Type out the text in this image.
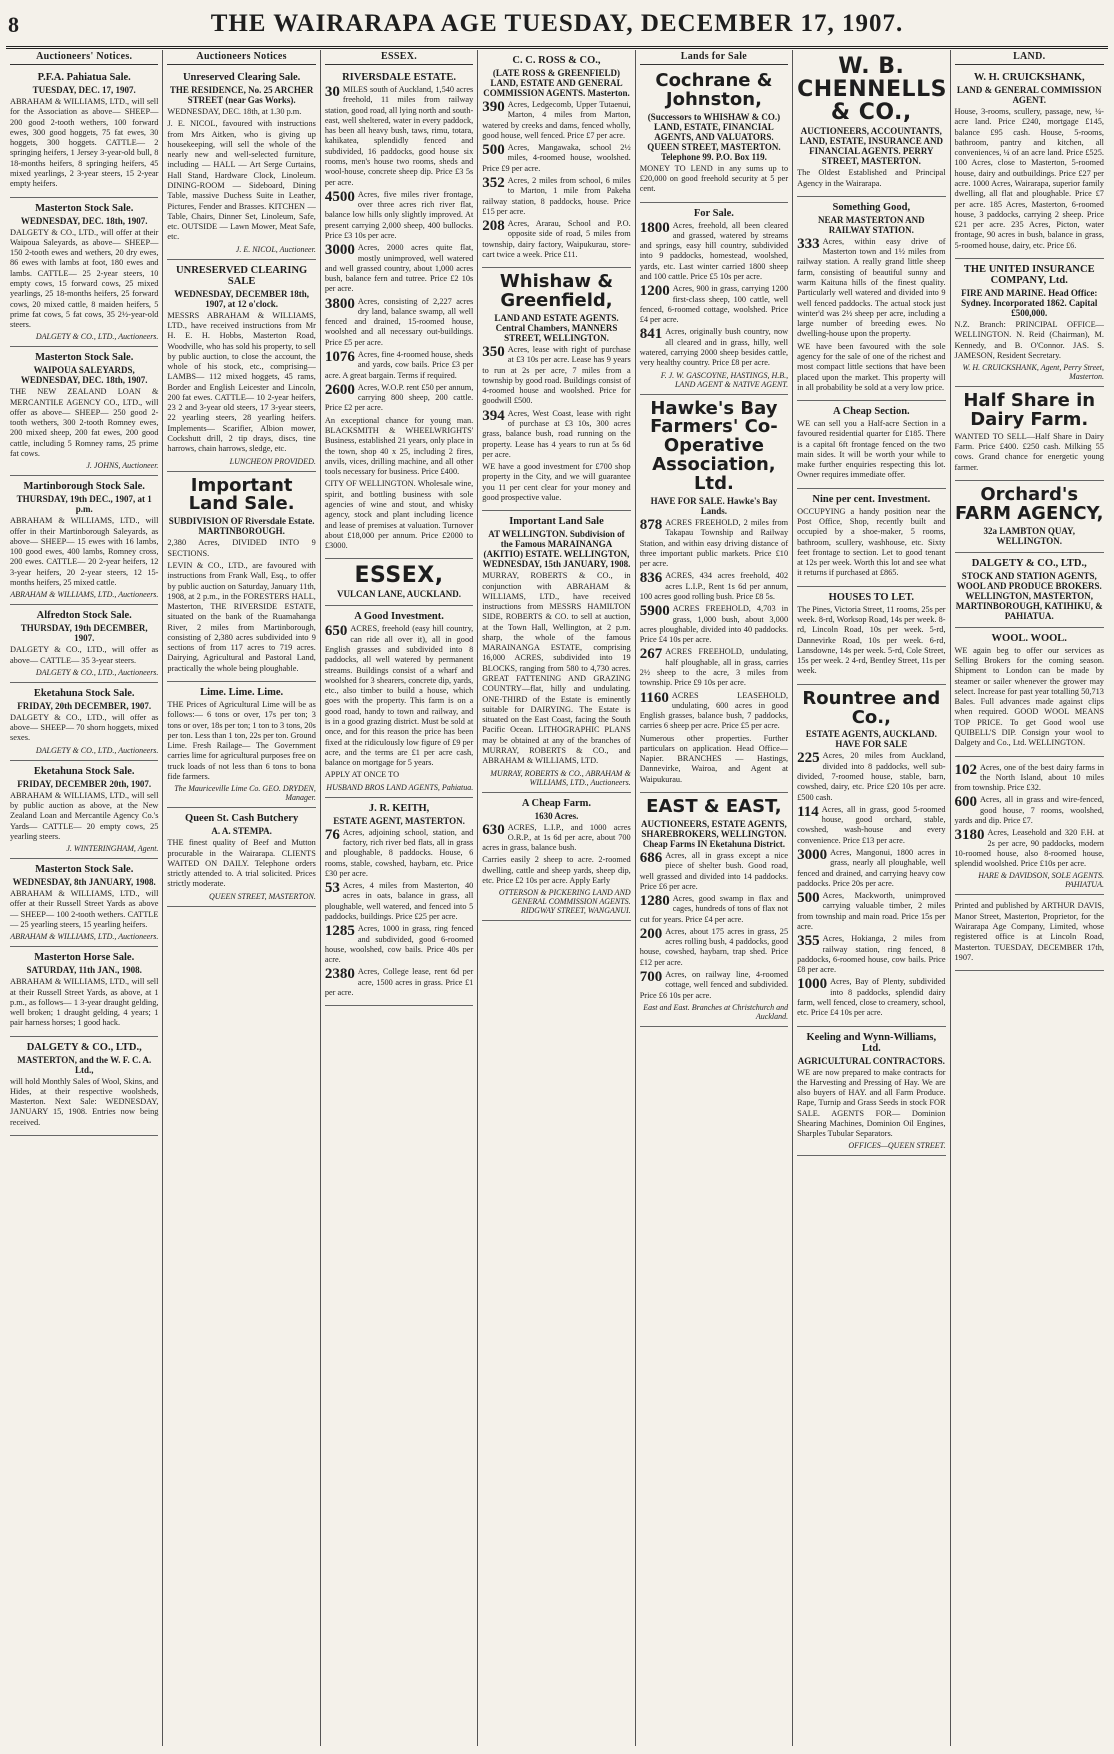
8	THE WAIRARAPA AGE TUESDAY, DECEMBER 17, 1907.
Auctioneers' Notices.
P.F.A. Pahiatua Sale.
TUESDAY, DEC. 17, 1907.
ABRAHAM & WILLIAMS, LTD., will sell for the Association as above— SHEEP— 200 good 2-tooth wethers, 100 forward ewes, 300 good hoggets, 75 fat ewes, 30 hoggets, 300 hoggets. CATTLE— 2 springing heifers, 1 Jersey 3-year-old bull, 8 18-months heifers, 8 springing heifers, 45 mixed yearlings, 2 3-year steers, 15 2-year empty heifers.
Masterton Stock Sale.
WEDNESDAY, DEC. 18th, 1907.
DALGETY & CO., LTD., will offer at their Waipoua Saleyards, as above— SHEEP— 150 2-tooth ewes and wethers, 20 dry ewes, 86 ewes with lambs at foot, 180 ewes and lambs. CATTLE— 25 2-year steers, 10 empty cows, 15 forward cows, 25 mixed yearlings, 25 18-months heifers, 25 forward cows, 20 mixed cattle, 8 maiden heifers, 5 prime fat cows, 5 fat cows, 35 2½-year-old steers.
DALGETY & CO., LTD., Auctioneers.
Masterton Stock Sale.
WAIPOUA SALEYARDS, WEDNESDAY, DEC. 18th, 1907.
THE NEW ZEALAND LOAN & MERCANTILE AGENCY CO., LTD., will offer as above— SHEEP— 250 good 2-tooth wethers, 300 2-tooth Romney ewes, 200 mixed sheep, 200 fat ewes, 200 good cattle, including 5 Romney rams, 25 prime fat cows.
J. JOHNS, Auctioneer.
Martinborough Stock Sale.
THURSDAY, 19th DEC., 1907, at 1 p.m.
ABRAHAM & WILLIAMS, LTD., will offer in their Martinborough Saleyards, as above— SHEEP— 15 ewes with 16 lambs, 100 good ewes, 400 lambs, Romney cross, 200 ewes. CATTLE— 20 2-year heifers, 12 3-year heifers, 20 2-year steers, 12 15-months heifers, 25 mixed cattle.
ABRAHAM & WILLIAMS, LTD., Auctioneers.
Alfredton Stock Sale.
THURSDAY, 19th DECEMBER, 1907.
DALGETY & CO., LTD., will offer as above— CATTLE— 35 3-year steers.
DALGETY & CO., LTD., Auctioneers.
Eketahuna Stock Sale.
FRIDAY, 20th DECEMBER, 1907.
DALGETY & CO., LTD., will offer as above— SHEEP— 70 shorn hoggets, mixed sexes.
DALGETY & CO., LTD., Auctioneers.
Eketahuna Stock Sale.
FRIDAY, DECEMBER 20th, 1907.
ABRAHAM & WILLIAMS, LTD., will sell by public auction as above, at the New Zealand Loan and Mercantile Agency Co.'s Yards— CATTLE— 20 empty cows, 25 yearling steers.
J. WINTERINGHAM, Agent.
Masterton Stock Sale.
WEDNESDAY, 8th JANUARY, 1908.
ABRAHAM & WILLIAMS, LTD., will offer at their Russell Street Yards as above— SHEEP— 100 2-tooth wethers. CATTLE— 25 yearling steers, 15 yearling heifers.
ABRAHAM & WILLIAMS, LTD., Auctioneers.
Masterton Horse Sale.
SATURDAY, 11th JAN., 1908.
ABRAHAM & WILLIAMS, LTD., will sell at their Russell Street Yards, as above, at 1 p.m., as follows— 1 3-year draught gelding, well broken; 1 draught gelding, 4 years; 1 pair harness horses; 1 good hack.
DALGETY & CO., LTD.,
MASTERTON, and the W. F. C. A. Ltd.,
will hold Monthly Sales of Wool, Skins, and Hides, at their respective woolsheds, Masterton. Next Sale: WEDNESDAY, JANUARY 15, 1908. Entries now being received.
Auctioneers Notices
Unreserved Clearing Sale.
THE RESIDENCE, No. 25 ARCHER STREET (near Gas Works).
WEDNESDAY, DEC. 18th, at 1.30 p.m.
J. E. NICOL, favoured with instructions from Mrs Aitken, who is giving up housekeeping, will sell the whole of the nearly new and well-selected furniture, including — HALL — Art Serge Curtains, Hall Stand, Hardware Clock, Linoleum. DINING-ROOM — Sideboard, Dining Table, massive Duchess Suite in Leather, Pictures, Fender and Brasses. KITCHEN — Table, Chairs, Dinner Set, Linoleum, Safe, etc. OUTSIDE — Lawn Mower, Meat Safe, etc.
J. E. NICOL, Auctioneer.
UNRESERVED CLEARING SALE
WEDNESDAY, DECEMBER 18th, 1907, at 12 o'clock.
MESSRS ABRAHAM & WILLIAMS, LTD., have received instructions from Mr H. E. H. Hobbs, Masterton Road, Woodville, who has sold his property, to sell by public auction, to close the account, the whole of his stock, etc., comprising— LAMBS— 112 mixed hoggets, 45 rams, Border and English Leicester and Lincoln, 200 fat ewes. CATTLE— 10 2-year heifers, 23 2 and 3-year old steers, 17 3-year steers, 22 yearling steers, 28 yearling heifers. Implements— Scarifier, Albion mower, Cockshutt drill, 2 tip drays, discs, tine harrows, chain harrows, sledge, etc.
LUNCHEON PROVIDED.
Important Land Sale.
SUBDIVISION OF Riversdale Estate. MARTINBOROUGH.
2,380 Acres, DIVIDED INTO 9 SECTIONS.
LEVIN & CO., LTD., are favoured with instructions from Frank Wall, Esq., to offer by public auction on Saturday, January 11th, 1908, at 2 p.m., in the FORESTERS HALL, Masterton, THE RIVERSIDE ESTATE, situated on the bank of the Ruamahanga River, 2 miles from Martinborough, consisting of 2,380 acres subdivided into 9 sections of from 117 acres to 719 acres. Dairying, Agricultural and Pastoral Land, practically the whole being ploughable.
Lime. Lime. Lime.
THE Prices of Agricultural Lime will be as follows:— 6 tons or over, 17s per ton; 3 tons or over, 18s per ton; 1 ton to 3 tons, 20s per ton. Less than 1 ton, 22s per ton. Ground Lime. Fresh Railage— The Government carries lime for agricultural purposes free on truck loads of not less than 6 tons to bona fide farmers.
The Mauriceville Lime Co. GEO. DRYDEN, Manager.
Queen St. Cash Butchery
A. A. STEMPA.
THE finest quality of Beef and Mutton procurable in the Wairarapa. CLIENTS WAITED ON DAILY. Telephone orders strictly attended to. A trial solicited. Prices strictly moderate.
QUEEN STREET, MASTERTON.
ESSEX.
RIVERSDALE ESTATE.
30 MILES south of Auckland, 1,540 acres freehold, 11 miles from railway station, good road, all lying north and south-east, well sheltered, water in every paddock, has been all heavy bush, taws, rimu, totara, kahikatea, splendidly fenced and subdivided, 16 paddocks, good house six rooms, men's house two rooms, sheds and wool-house, concrete sheep dip. Price £3 5s per acre.
4500 Acres, five miles river frontage, over three acres rich river flat, balance low hills only slightly improved. At present carrying 2,000 sheep, 400 bullocks. Price £3 10s per acre.
3000 Acres, 2000 acres quite flat, mostly unimproved, well watered and well grassed country, about 1,000 acres bush, balance fern and tutree. Price £2 10s per acre.
3800 Acres, consisting of 2,227 acres dry land, balance swamp, all well fenced and drained, 15-roomed house, woolshed and all necessary out-buildings. Price £5 per acre.
1076 Acres, fine 4-roomed house, sheds and yards, cow bails. Price £3 per acre. A great bargain. Terms if required.
2600 Acres, W.O.P. rent £50 per annum, carrying 800 sheep, 200 cattle. Price £2 per acre.
An exceptional chance for young man. BLACKSMITH & WHEELWRIGHTS' Business, established 21 years, only place in the town, shop 40 x 25, including 2 fires, anvils, vices, drilling machine, and all other tools necessary for business. Price £400.
CITY OF WELLINGTON. Wholesale wine, spirit, and bottling business with sole agencies of wine and stout, and whisky agency, stock and plant including licence and lease of premises at valuation. Turnover about £18,000 per annum. Price £2000 to £3000.
ESSEX,
VULCAN LANE, AUCKLAND.
A Good Investment.
650 ACRES, freehold (easy hill country, can ride all over it), all in good English grasses and subdivided into 8 paddocks, all well watered by permanent streams. Buildings consist of a wharf and woolshed for 3 shearers, concrete dip, yards, etc., also timber to build a house, which goes with the property. This farm is on a good road, handy to town and railway, and is in a good grazing district. Must be sold at once, and for this reason the price has been fixed at the ridiculously low figure of £9 per acre, and the terms are £1 per acre cash, balance on mortgage for 5 years.
APPLY AT ONCE TO
HUSBAND BROS LAND AGENTS, Pahiatua.
J. R. KEITH,
ESTATE AGENT, MASTERTON.
76 Acres, adjoining school, station, and factory, rich river bed flats, all in grass and ploughable, 8 paddocks. House, 6 rooms, stable, cowshed, haybarn, etc. Price £30 per acre.
53 Acres, 4 miles from Masterton, 40 acres in oats, balance in grass, all ploughable, well watered, and fenced into 5 paddocks, buildings. Price £25 per acre.
1285 Acres, 1000 in grass, ring fenced and subdivided, good 6-roomed house, woolshed, cow bails. Price 40s per acre.
2380 Acres, College lease, rent 6d per acre, 1500 acres in grass. Price £1 per acre.
C. C. ROSS & CO.,
(LATE ROSS & GREENFIELD) LAND, ESTATE AND GENERAL COMMISSION AGENTS. Masterton.
390 Acres, Ledgecomb, Upper Tutaenui, Marton, 4 miles from Marton, watered by creeks and dams, fenced wholly, good house, well fenced. Price £7 per acre.
500 Acres, Mangawaka, school 2½ miles, 4-roomed house, woolshed. Price £9 per acre.
352 Acres, 2 miles from school, 6 miles to Marton, 1 mile from Pakeha railway station, 8 paddocks, house. Price £15 per acre.
208 Acres, Ararau, School and P.O. opposite side of road, 5 miles from township, dairy factory, Waipukurau, store-cart twice a week. Price £11.
Whishaw & Greenfield,
LAND AND ESTATE AGENTS. Central Chambers, MANNERS STREET, WELLINGTON.
350 Acres, lease with right of purchase at £3 10s per acre. Lease has 9 years to run at 2s per acre, 7 miles from a township by good road. Buildings consist of 4-roomed house and woolshed. Price for goodwill £500.
394 Acres, West Coast, lease with right of purchase at £3 10s, 300 acres grass, balance bush, road running on the property. Lease has 4 years to run at 5s 6d per acre.
WE have a good investment for £700 shop property in the City, and we will guarantee you 11 per cent clear for your money and good prospective value.
Important Land Sale
AT WELLINGTON. Subdivision of the Famous MARAINANGA (AKITIO) ESTATE. WELLINGTON, WEDNESDAY, 15th JANUARY, 1908.
MURRAY, ROBERTS & CO., in conjunction with ABRAHAM & WILLIAMS, LTD., have received instructions from MESSRS HAMILTON SIDE, ROBERTS & CO. to sell at auction, at the Town Hall, Wellington, at 2 p.m. sharp, the whole of the famous MARAINANGA ESTATE, comprising 16,000 ACRES, subdivided into 19 BLOCKS, ranging from 580 to 4,730 acres. GREAT FATTENING AND GRAZING COUNTRY—flat, hilly and undulating. ONE-THIRD of the Estate is eminently suitable for DAIRYING. The Estate is situated on the East Coast, facing the South Pacific Ocean. LITHOGRAPHIC PLANS may be obtained at any of the branches of MURRAY, ROBERTS & CO., and ABRAHAM & WILLIAMS, LTD.
MURRAY, ROBERTS & CO., ABRAHAM & WILLIAMS, LTD., Auctioneers.
A Cheap Farm.
1630 Acres.
630 ACRES, L.I.P., and 1000 acres O.R.P., at 1s 6d per acre, about 700 acres in grass, balance bush.
Carries easily 2 sheep to acre. 2-roomed dwelling, cattle and sheep yards, sheep dip, etc. Price £2 10s per acre. Apply Early
OTTERSON & PICKERING LAND AND GENERAL COMMISSION AGENTS. RIDGWAY STREET, WANGANUI.
Lands for Sale
Cochrane & Johnston,
(Successors to WHISHAW & CO.) LAND, ESTATE, FINANCIAL AGENTS, AND VALUATORS. QUEEN STREET, MASTERTON. Telephone 99. P.O. Box 119.
MONEY TO LEND in any sums up to £20,000 on good freehold security at 5 per cent.
For Sale.
1800 Acres, freehold, all been cleared and grassed, watered by streams and springs, easy hill country, subdivided into 9 paddocks, homestead, woolshed, yards, etc. Last winter carried 1800 sheep and 100 cattle. Price £5 10s per acre.
1200 Acres, 900 in grass, carrying 1200 first-class sheep, 100 cattle, well fenced, 6-roomed cottage, woolshed. Price £4 per acre.
841 Acres, originally bush country, now all cleared and in grass, hilly, well watered, carrying 2000 sheep besides cattle, very healthy country. Price £8 per acre.
F. J. W. GASCOYNE, HASTINGS, H.B., LAND AGENT & NATIVE AGENT.
Hawke's Bay Farmers' Co-Operative Association, Ltd.
HAVE FOR SALE. Hawke's Bay Lands.
878 ACRES FREEHOLD, 2 miles from Takapau Township and Railway Station, and within easy driving distance of three important public markets. Price £10 per acre.
836 ACRES, 434 acres freehold, 402 acres L.I.P., Rent 1s 6d per annum, 100 acres good rolling bush. Price £8 5s.
5900 ACRES FREEHOLD, 4,703 in grass, 1,000 bush, about 3,000 acres ploughable, divided into 40 paddocks. Price £4 10s per acre.
267 ACRES FREEHOLD, undulating, half ploughable, all in grass, carries 2½ sheep to the acre, 3 miles from township. Price £9 10s per acre.
1160 ACRES LEASEHOLD, undulating, 600 acres in good English grasses, balance bush, 7 paddocks, carries 6 sheep per acre. Price £5 per acre.
Numerous other properties. Further particulars on application. Head Office—Napier. BRANCHES — Hastings, Dannevirke, Wairoa, and Agent at Waipukurau.
EAST & EAST,
AUCTIONEERS, ESTATE AGENTS, SHAREBROKERS, WELLINGTON. Cheap Farms IN Eketahuna District.
686 Acres, all in grass except a nice piece of shelter bush. Good road, well grassed and divided into 14 paddocks. Price £6 per acre.
1280 Acres, good swamp in flax and cages, hundreds of tons of flax not cut for years. Price £4 per acre.
200 Acres, about 175 acres in grass, 25 acres rolling bush, 4 paddocks, good house, cowshed, haybarn, trap shed. Price £12 per acre.
700 Acres, on railway line, 4-roomed cottage, well fenced and subdivided. Price £6 10s per acre.
East and East. Branches at Christchurch and Auckland.
W. B. CHENNELLS & CO.,
AUCTIONEERS, ACCOUNTANTS, LAND, ESTATE, INSURANCE AND FINANCIAL AGENTS. PERRY STREET, MASTERTON.
The Oldest Established and Principal Agency in the Wairarapa.
Something Good,
NEAR MASTERTON AND RAILWAY STATION.
333 Acres, within easy drive of Masterton town and 1½ miles from railway station. A really grand little sheep farm, consisting of beautiful sunny and warm Kaituna hills of the finest quality. Particularly well watered and divided into 9 well fenced paddocks. The actual stock just winter'd was 2½ sheep per acre, including a large number of breeding ewes. No dwelling-house upon the property.
WE have been favoured with the sole agency for the sale of one of the richest and most compact little sections that have been placed upon the market. This property will in all probability be sold at a very low price.
A Cheap Section.
WE can sell you a Half-acre Section in a favoured residential quarter for £185. There is a capital 6ft frontage fenced on the two main sides. It will be worth your while to make further enquiries respecting this lot. Owner requires immediate offer.
Nine per cent. Investment.
OCCUPYING a handy position near the Post Office, Shop, recently built and occupied by a shoe-maker, 5 rooms, bathroom, scullery, washhouse, etc. Sixty feet frontage to section. Let to good tenant at 12s per week. Worth this lot and see what it returns if purchased at £865.
HOUSES TO LET.
The Pines, Victoria Street, 11 rooms, 25s per week. 8-rd, Worksop Road, 14s per week. 8-rd, Lincoln Road, 10s per week. 5-rd, Dannevirke Road, 10s per week. 6-rd, Lansdowne, 14s per week. 5-rd, Cole Street, 15s per week. 2 4-rd, Bentley Street, 11s per week.
Rountree and Co.,
ESTATE AGENTS, AUCKLAND. HAVE FOR SALE
225 Acres, 20 miles from Auckland, divided into 8 paddocks, well sub-divided, 7-roomed house, stable, barn, cowshed, dairy, etc. Price £20 10s per acre. £500 cash.
114 Acres, all in grass, good 5-roomed house, good orchard, stable, cowshed, wash-house and every convenience. Price £13 per acre.
3000 Acres, Mangonui, 1800 acres in grass, nearly all ploughable, well fenced and drained, and carrying heavy cow paddocks. Price 20s per acre.
500 Acres, Mackworth, unimproved carrying valuable timber, 2 miles from township and main road. Price 15s per acre.
355 Acres, Hokianga, 2 miles from railway station, ring fenced, 8 paddocks, 6-roomed house, cow bails. Price £8 per acre.
1000 Acres, Bay of Plenty, subdivided into 8 paddocks, splendid dairy farm, well fenced, close to creamery, school, etc. Price £4 10s per acre.
Keeling and Wynn-Williams, Ltd.
AGRICULTURAL CONTRACTORS.
WE are now prepared to make contracts for the Harvesting and Pressing of Hay. We are also buyers of HAY. and all Farm Produce. Rape, Turnip and Grass Seeds in stock FOR SALE. AGENTS FOR— Dominion Shearing Machines, Dominion Oil Engines, Sharples Tubular Separators.
OFFICES—QUEEN STREET.
LAND.
W. H. CRUICKSHANK,
LAND & GENERAL COMMISSION AGENT.
House, 3-rooms, scullery, passage, new, ¼-acre land. Price £240, mortgage £145, balance £95 cash. House, 5-rooms, bathroom, pantry and kitchen, all conveniences, ¼ of an acre land. Price £525. 100 Acres, close to Masterton, 5-roomed house, dairy and outbuildings. Price £27 per acre. 1000 Acres, Wairarapa, superior family dwelling, all flat and ploughable. Price £7 per acre. 185 Acres, Masterton, 6-roomed house, 3 paddocks, carrying 2 sheep. Price £21 per acre. 235 Acres, Picton, water frontage, 90 acres in bush, balance in grass, 5-roomed house, dairy, etc. Price £6.
THE UNITED INSURANCE COMPANY, Ltd.
FIRE AND MARINE. Head Office: Sydney. Incorporated 1862. Capital £500,000.
N.Z. Branch: PRINCIPAL OFFICE—WELLINGTON. N. Reid (Chairman), M. Kennedy, and B. O'Connor. JAS. S. JAMESON, Resident Secretary.
W. H. CRUICKSHANK, Agent, Perry Street, Masterton.
Half Share in Dairy Farm.
WANTED TO SELL—Half Share in Dairy Farm. Price £400. £250 cash. Milking 55 cows. Grand chance for energetic young farmer.
Orchard's FARM AGENCY,
32a LAMBTON QUAY, WELLINGTON.
DALGETY & CO., LTD.,
STOCK AND STATION AGENTS, WOOL AND PRODUCE BROKERS. WELLINGTON, MASTERTON, MARTINBOROUGH, KATIHIKU, & PAHIATUA.
WOOL. WOOL.
WE again beg to offer our services as Selling Brokers for the coming season. Shipment to London can be made by steamer or sailer whenever the grower may select. Increase for past year totalling 50,713 Bales. Full advances made against clips when required. GOOD WOOL MEANS TOP PRICE. To get Good wool use QUIBELL'S DIP. Consign your wool to Dalgety and Co., Ltd. WELLINGTON.
102 Acres, one of the best dairy farms in the North Island, about 10 miles from township. Price £32.
600 Acres, all in grass and wire-fenced, good house, 7 rooms, woolshed, yards and dip. Price £7.
3180 Acres, Leasehold and 320 F.H. at 2s per acre, 90 paddocks, modern 10-roomed house, also 8-roomed house, splendid woolshed. Price £10s per acre.
HARE & DAVIDSON, SOLE AGENTS. PAHIATUA.
Printed and published by ARTHUR DAVIS, Manor Street, Masterton, Proprietor, for the Wairarapa Age Company, Limited, whose registered office is at Lincoln Road, Masterton. TUESDAY, DECEMBER 17th, 1907.
